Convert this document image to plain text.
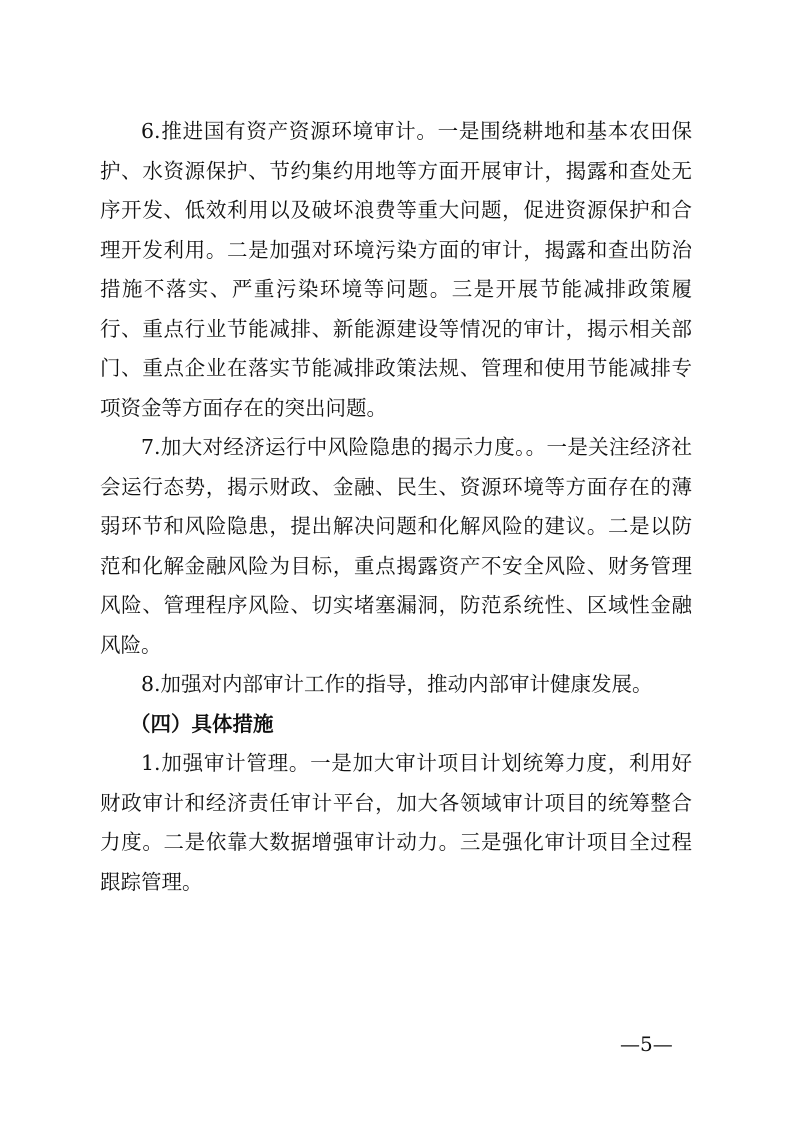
6.推进国有资产资源环境审计。一是围绕耕地和基本农田保护、水资源保护、节约集约用地等方面开展审计，揭露和查处无序开发、低效利用以及破坏浪费等重大问题，促进资源保护和合理开发利用。二是加强对环境污染方面的审计，揭露和查出防治措施不落实、严重污染环境等问题。三是开展节能减排政策履行、重点行业节能减排、新能源建设等情况的审计，揭示相关部门、重点企业在落实节能减排政策法规、管理和使用节能减排专项资金等方面存在的突出问题。

7.加大对经济运行中风险隐患的揭示力度。。一是关注经济社会运行态势，揭示财政、金融、民生、资源环境等方面存在的薄弱环节和风险隐患，提出解决问题和化解风险的建议。二是以防范和化解金融风险为目标，重点揭露资产不安全风险、财务管理风险、管理程序风险、切实堵塞漏洞，防范系统性、区域性金融风险。

8.加强对内部审计工作的指导，推动内部审计健康发展。

（四）具体措施

1.加强审计管理。一是加大审计项目计划统筹力度，利用好财政审计和经济责任审计平台，加大各领域审计项目的统筹整合力度。二是依靠大数据增强审计动力。三是强化审计项目全过程跟踪管理。

—5—
